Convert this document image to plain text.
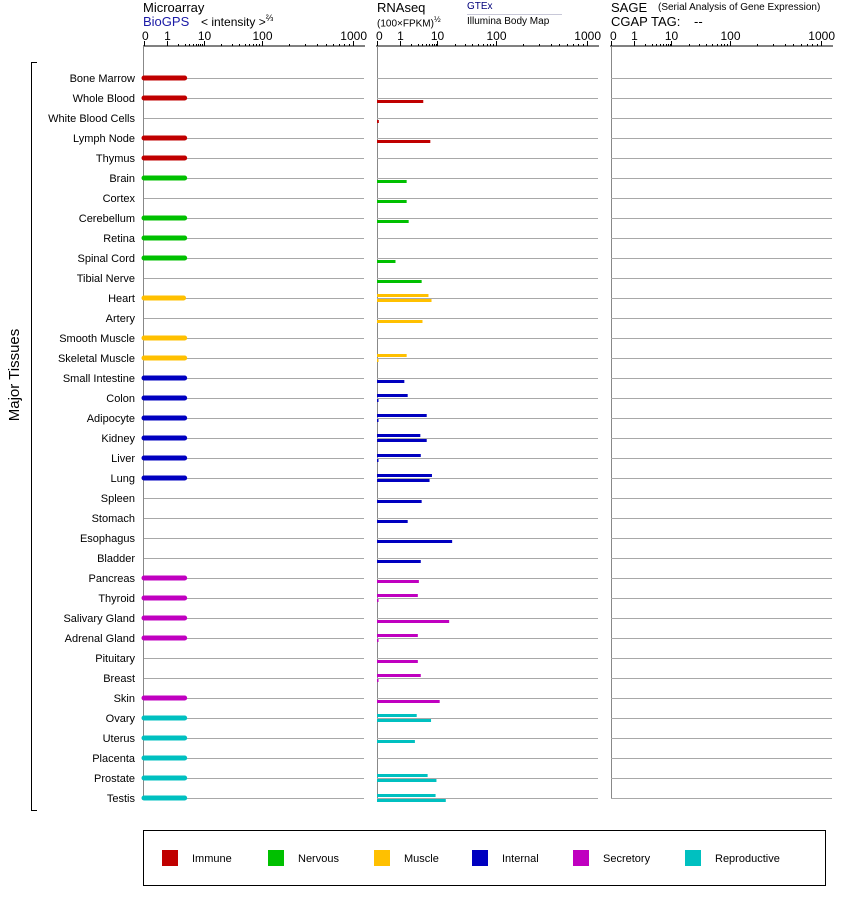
Microarray
BioGPS < intensity >$^{\frac{2}{3}}$
RNAseq
(100×FPKM)$^{\frac{1}{2}}$
GTEx
Illumina Body Map
SAGE (Serial Analysis of Gene Expression)
CGAP TAG: --
0 1 10	100	1000 0 1 10	100	1000 0 1 10	100	1000
Major Tissues
Bone Marrow
Whole Blood
White Blood Cells
Lymph Node
Thymus
Brain
Cortex
Cerebellum
Retina
Spinal Cord
Tibial Nerve
Heart
Artery
Smooth Muscle
Skeletal Muscle
Small Intestine
Colon
Adipocyte
Kidney
Liver
Lung
Spleen
Stomach
Esophagus
Bladder
Pancreas
Thyroid
Salivary Gland
Adrenal Gland
Pituitary
Breast
Skin
Ovary
Uterus
Placenta
Prostate
Testis
Immune	Nervous	Muscle	Internal	Secretory	Reproductive
